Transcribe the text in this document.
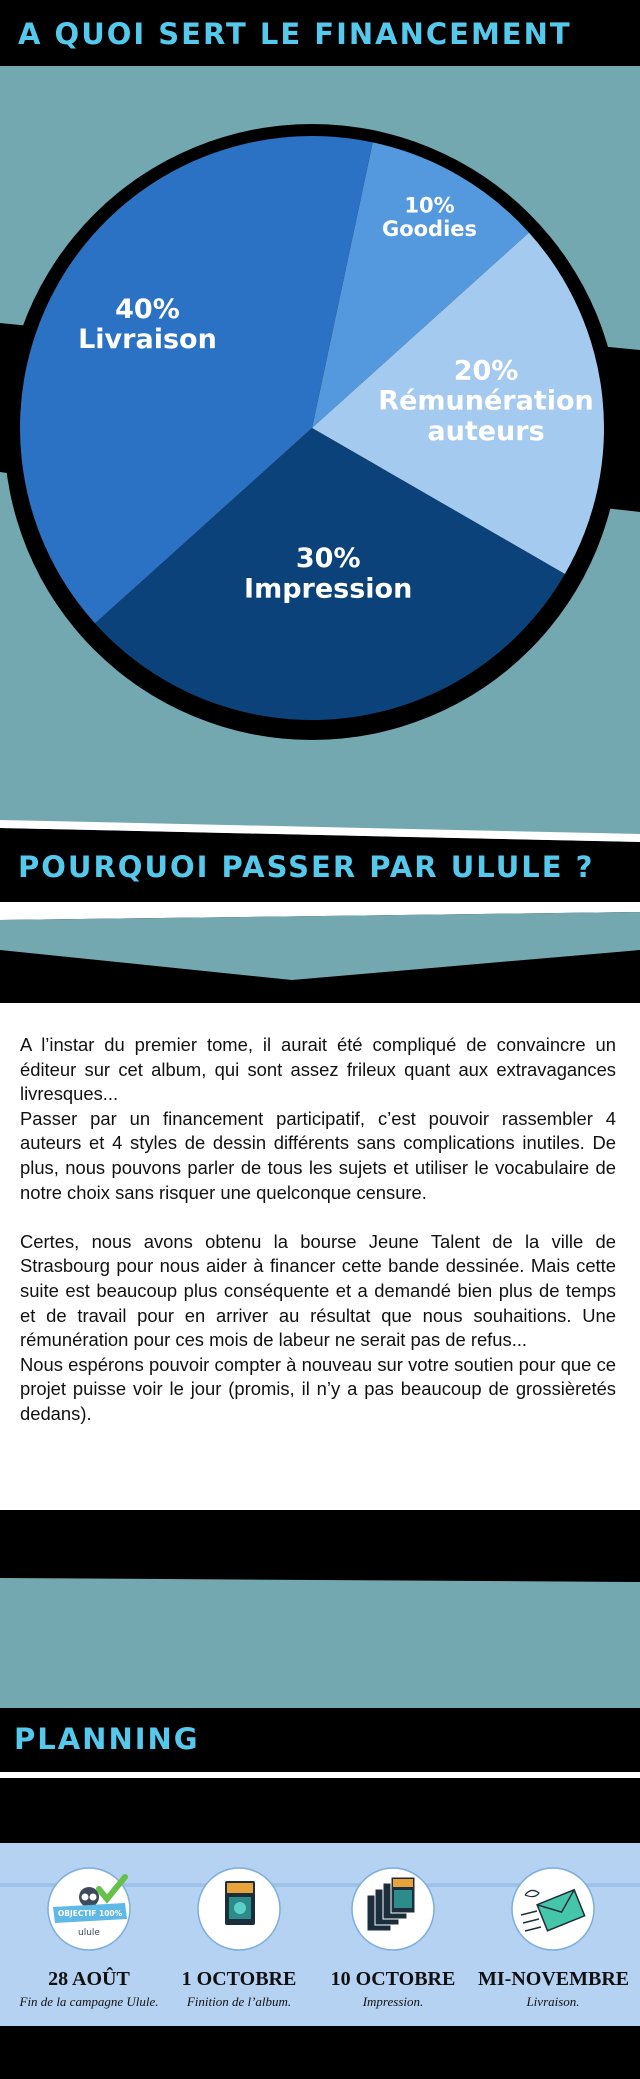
A QUOI SERT LE FINANCEMENT
POURQUOI PASSER PAR ULULE ?
PLANNING
10% Goodies
20% Rémunération auteurs
30% Impression
40% Livraison

A l’instar du premier tome, il aurait été compliqué de convaincre un éditeur sur cet album, qui sont assez frileux quant aux extravagances livresques...

Passer par un financement participatif, c’est pouvoir rassembler 4 auteurs et 4 styles de dessin différents sans complications inutiles. De plus, nous pouvons parler de tous les sujets et utiliser le vocabulaire de notre choix sans risquer une quelconque censure.

Certes, nous avons obtenu la bourse Jeune Talent de la ville de Strasbourg pour nous aider à financer cette bande dessinée. Mais cette suite est beaucoup plus conséquente et a demandé bien plus de temps et de travail pour en arriver au résultat que nous souhaitions. Une rémunération pour ces mois de labeur ne serait pas de refus...

Nous espérons pouvoir compter à nouveau sur votre soutien pour que ce projet puisse voir le jour (promis, il n’y a pas beaucoup de grossièretés dedans).

OBJECTIF 100%
ulule
28 AOÛT
Fin de la campagne Ulule.
1 OCTOBRE
Finition de l’album.
10 OCTOBRE
Impression.
MI-NOVEMBRE
Livraison.
